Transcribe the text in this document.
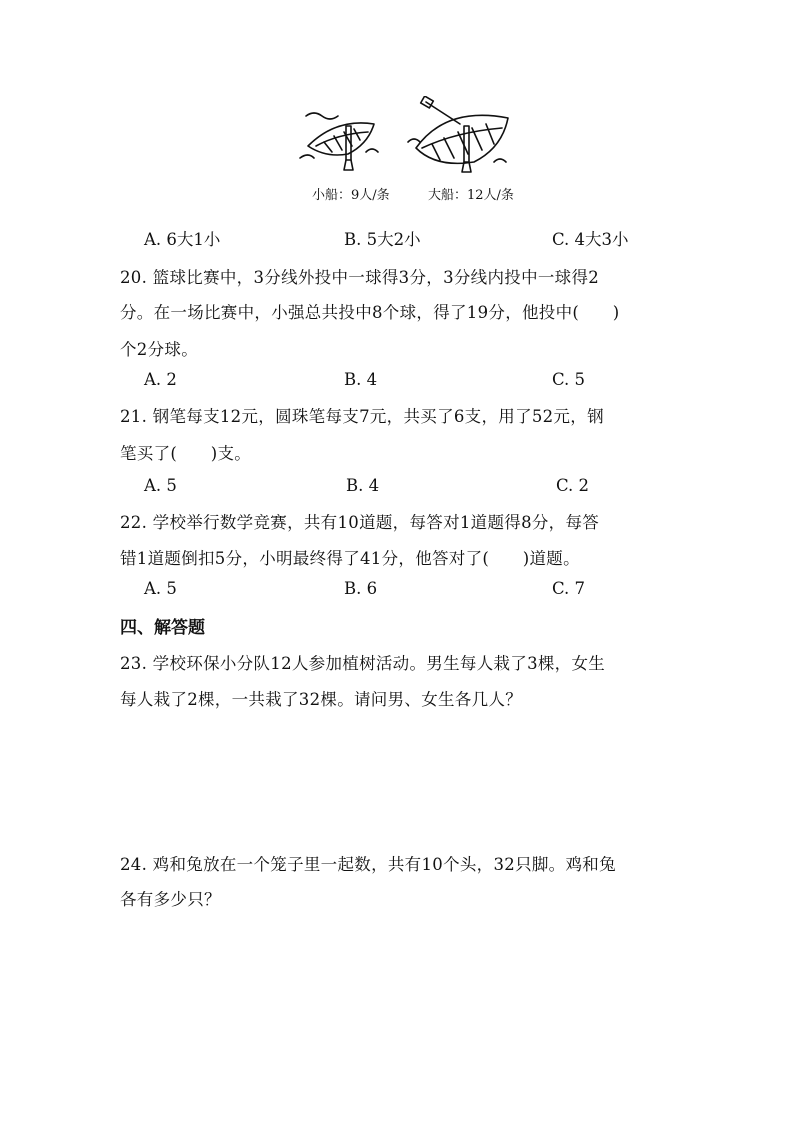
小船：9人/条	大船：12人/条
A. 6大1小	B. 5大2小	C. 4大3小
20. 篮球比赛中，3分线外投中一球得3分，3分线内投中一球得2
分。在一场比赛中，小强总共投中8个球，得了19分，他投中(　　)
个2分球。
A. 2	B. 4	C. 5
21. 钢笔每支12元，圆珠笔每支7元，共买了6支，用了52元，钢
笔买了(　　)支。
A. 5	B. 4	C. 2
22. 学校举行数学竞赛，共有10道题，每答对1道题得8分，每答
错1道题倒扣5分，小明最终得了41分，他答对了(　　)道题。
A. 5	B. 6	C. 7
四、解答题
23. 学校环保小分队12人参加植树活动。男生每人栽了3棵，女生
每人栽了2棵，一共栽了32棵。请问男、女生各几人？
24. 鸡和兔放在一个笼子里一起数，共有10个头，32只脚。鸡和兔
各有多少只？
